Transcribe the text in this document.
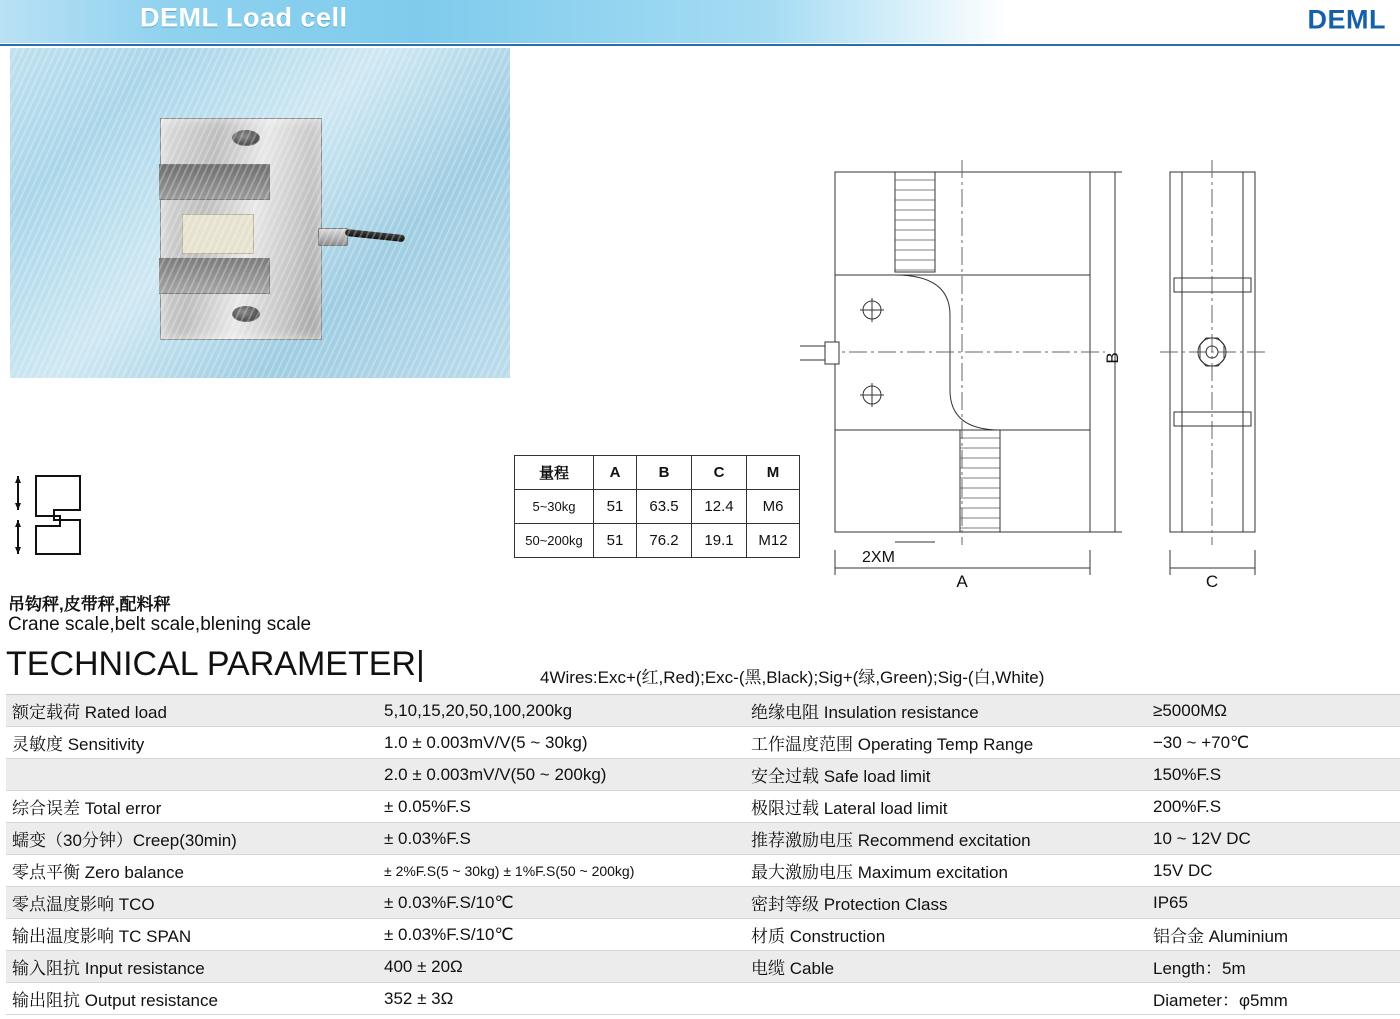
DEML Load cell	DEML
B
A
2XM
C
量程	A	B	C	M
5~30kg	51	63.5	12.4	M6
50~200kg	51	76.2	19.1	M12
吊钩秤,皮带秤,配料秤
Crane scale,belt scale,blening scale
TECHNICAL PARAMETER|	4Wires:Exc+(红,Red);Exc-(黑,Black);Sig+(绿,Green);Sig-(白,White)
额定载荷 Rated load	5,10,15,20,50,100,200kg	绝缘电阻 Insulation resistance	≥5000MΩ
灵敏度 Sensitivity	1.0 ± 0.003mV/V(5 ~ 30kg)	工作温度范围 Operating Temp Range	−30 ~ +70℃
	2.0 ± 0.003mV/V(50 ~ 200kg)	安全过载 Safe load limit	150%F.S
综合误差 Total error	± 0.05%F.S	极限过载 Lateral load limit	200%F.S
蠕变（30分钟）Creep(30min)	± 0.03%F.S	推荐激励电压 Recommend excitation	10 ~ 12V DC
零点平衡 Zero balance	± 2%F.S(5 ~ 30kg) ± 1%F.S(50 ~ 200kg)	最大激励电压 Maximum excitation	15V DC
零点温度影响 TCO	± 0.03%F.S/10℃	密封等级 Protection Class	IP65
输出温度影响 TC SPAN	± 0.03%F.S/10℃	材质 Construction	铝合金 Aluminium
输入阻抗 Input resistance	400 ± 20Ω	电缆 Cable	Length：5m
输出阻抗 Output resistance	352 ± 3Ω		Diameter：φ5mm
